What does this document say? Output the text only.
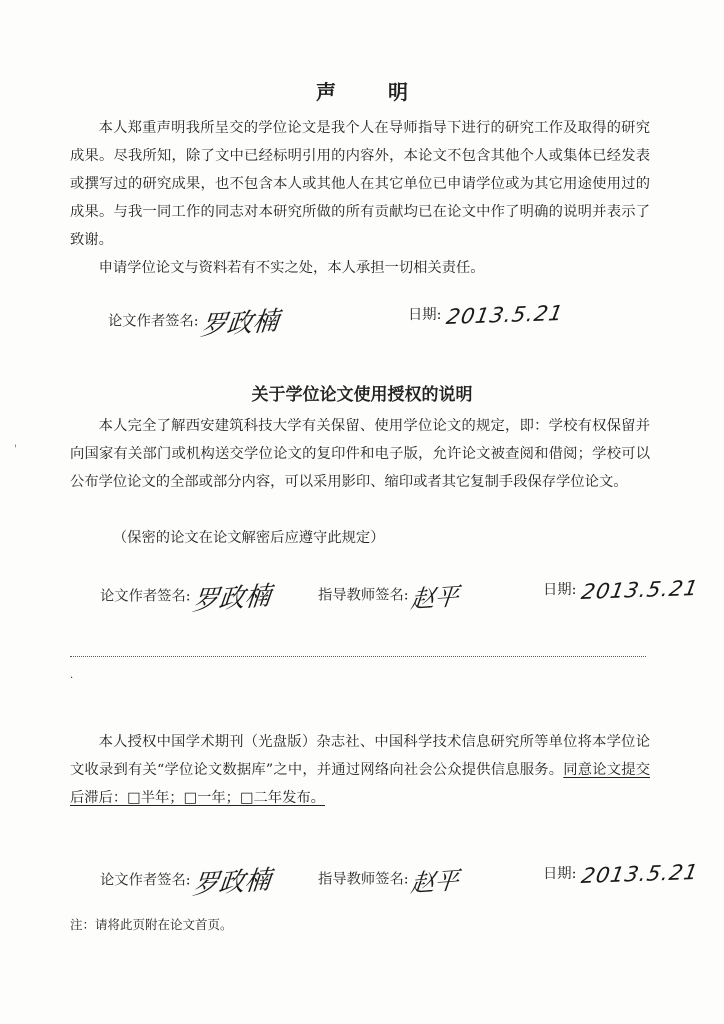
声	明
本人郑重声明我所呈交的学位论文是我个人在导师指导下进行的研究工作及取得的研究成果。尽我所知，除了文中已经标明引用的内容外，本论文不包含其他个人或集体已经发表或撰写过的研究成果，也不包含本人或其他人在其它单位已申请学位或为其它用途使用过的成果。与我一同工作的同志对本研究所做的所有贡献均已在论文中作了明确的说明并表示了致谢。
申请学位论文与资料若有不实之处，本人承担一切相关责任。
论文作者签名:罗政楠	日期: 2013.5.21
关于学位论文使用授权的说明
'
本人完全了解西安建筑科技大学有关保留、使用学位论文的规定，即：学校有权保留并向国家有关部门或机构送交学位论文的复印件和电子版，允许论文被查阅和借阅；学校可以公布学位论文的全部或部分内容，可以采用影印、缩印或者其它复制手段保存学位论文。
（保密的论文在论文解密后应遵守此规定）
论文作者签名:罗政楠	指导教师签名:赵平	日期: 2013.5.21
.
本人授权中国学术期刊（光盘版）杂志社、中国科学技术信息研究所等单位将本学位论文收录到有关“学位论文数据库”之中，并通过网络向社会公众提供信息服务。同意论文提交后滞后：□半年；□一年；□二年发布。
论文作者签名:罗政楠	指导教师签名:赵平	日期: 2013.5.21
注：请将此页附在论文首页。
